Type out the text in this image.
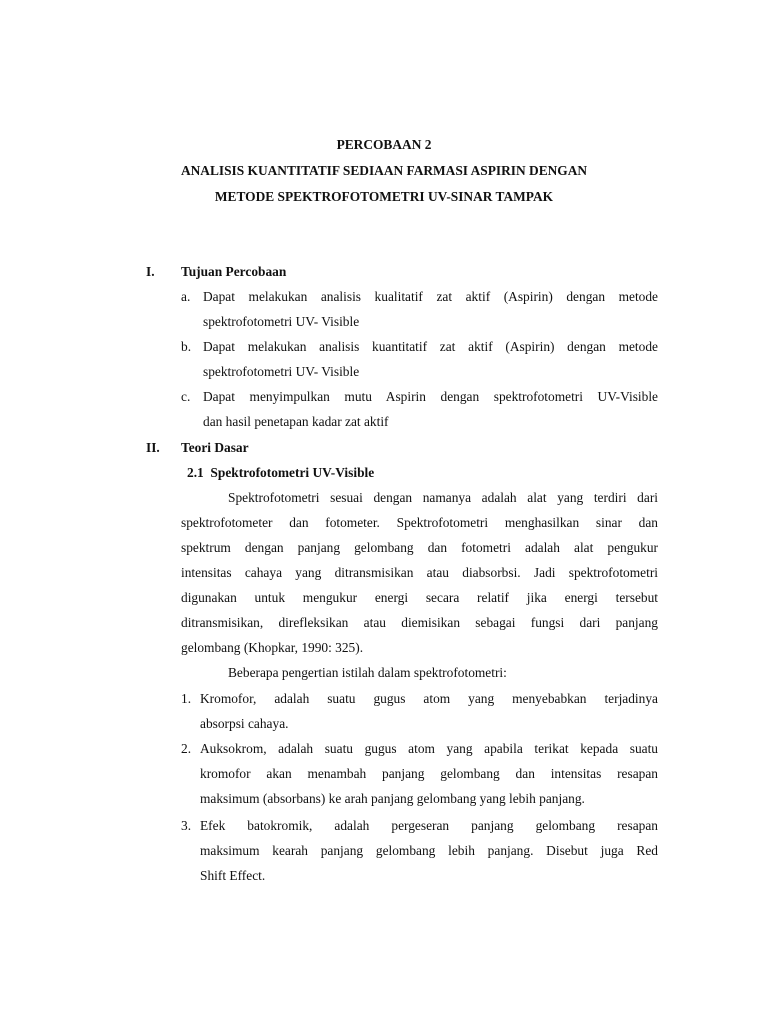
PERCOBAAN 2
ANALISIS KUANTITATIF SEDIAAN FARMASI ASPIRIN DENGAN
METODE SPEKTROFOTOMETRI UV-SINAR TAMPAK
I. Tujuan Percobaan
a. Dapat melakukan analisis kualitatif zat aktif (Aspirin) dengan metode
spektrofotometri UV- Visible
b. Dapat melakukan analisis kuantitatif zat aktif (Aspirin) dengan metode
spektrofotometri UV- Visible
c. Dapat menyimpulkan mutu Aspirin dengan spektrofotometri UV-Visible
dan hasil penetapan kadar zat aktif
II. Teori Dasar
2.1  Spektrofotometri UV-Visible
Spektrofotometri sesuai dengan namanya adalah alat yang terdiri dari
spektrofotometer dan fotometer. Spektrofotometri menghasilkan sinar dan
spektrum dengan panjang gelombang dan fotometri adalah alat pengukur
intensitas cahaya yang ditransmisikan atau diabsorbsi. Jadi spektrofotometri
digunakan untuk mengukur energi secara relatif jika energi tersebut
ditransmisikan, direfleksikan atau diemisikan sebagai fungsi dari panjang
gelombang (Khopkar, 1990: 325).
Beberapa pengertian istilah dalam spektrofotometri:
1. Kromofor, adalah suatu gugus atom yang menyebabkan terjadinya
absorpsi cahaya.
2. Auksokrom, adalah suatu gugus atom yang apabila terikat kepada suatu
kromofor akan menambah panjang gelombang dan intensitas resapan
maksimum (absorbans) ke arah panjang gelombang yang lebih panjang.
3. Efek batokromik, adalah pergeseran panjang gelombang resapan
maksimum kearah panjang gelombang lebih panjang. Disebut juga Red
Shift Effect.
